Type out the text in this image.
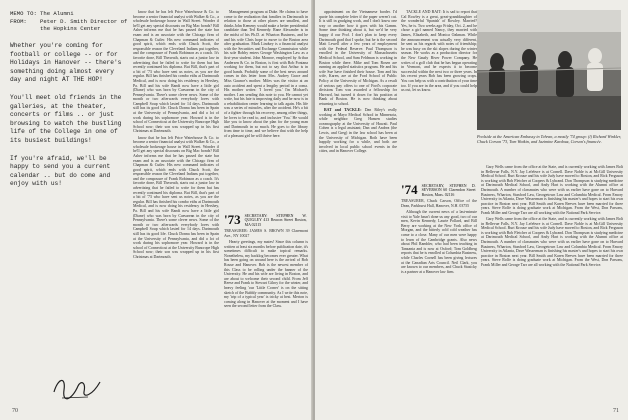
MEMO TO: The Alumni
FROM:	Peter D. Smith Director of the Hopkins Center

Whether you're coming for football or college -- or for Holidays in Hanover -- there's something doing almost every day and night AT THE HOP!

You'll meet old friends in the galleries, at the theater, concerts or films .. or just browsing to watch the bustling life of the College in one of its busiest buildings!

If you're afraid, we'll be happy to send you a current calendar .. but do come and enjoy with us!

know that he has left Price Waterhouse & Co. to become a senior financial analyst with Walker & Co., a wholesale brokerage house in Wall Street. Wonder if he'll get any special discounts on Big Mac bonds? Bill Asher informs me that he has passed the state bar exam and is an associate with the Chicago firm of Chapman & Cutler. His new command indicates of good spirit, which ends with Chuck Scott, the responsible reason the Cleveland Indians put together, and the composure of Frank Robinson as a coach. It's favorite done, Bill Thexeath, starts out a junior law in advertising that he failed to write for them but has recently continued his diploma. But Bill, that's part of a bit of '73 who have sent us notes, as you are the regular. Bill has finished his combo eiths at Dartmouth Medical, and is now doing his residency in Hershey, Pa. Bill and his wife Randi now have a little girl (Diane) who was born by Caesarean in the city of Pennsylvania. There's some clever news. Some of the month or two afterwards everybody loves with Campbell Soup which lasted for 14 days. Dartmouth still has its good life. Chuck Donna has been in Spain at the University of Pennsylvania, and did a lot of work during his sophomore year. Howard is in the school of Connecticut at the University Bancrope High School now; their son was wrapped up in his first Christmas at Dartmouth.

know that he has left Price Waterhouse & Co. to become a senior financial analyst with Walker & Co., a wholesale brokerage house in Wall Street. Wonder if he'll get any special discounts on Big Mac bonds? Bill Asher informs me that he has passed the state bar exam and is an associate with the Chicago firm of Chapman & Cutler. His new command indicates of good spirit, which ends with Chuck Scott, the responsible reason the Cleveland Indians put together, and the composure of Frank Robinson as a coach. It's favorite done, Bill Thexeath, starts out a junior law in advertising that he failed to write for them but has recently continued his diploma. But Bill, that's part of a bit of '73 who have sent us notes, as you are the regular. Bill has finished his combo eiths at Dartmouth Medical, and is now doing his residency in Hershey, Pa. Bill and his wife Randi now have a little girl (Diane) who was born by Caesarean in the city of Pennsylvania. There's some clever news. Some of the month or two afterwards everybody loves with Campbell Soup which lasted for 14 days. Dartmouth still has its good life. Chuck Donna has been in Spain at the University of Pennsylvania, and did a lot of work during his sophomore year. Howard is in the school of Connecticut at the University Bancrope High School now; their son was wrapped up in his first Christmas at Dartmouth.

Management program at Duke. He claims to have come to the realization that families in Dartmouth in relation to those at other places are smallest, and thinks John Kemeny would make a better presidential candidate than Ted Kennedy. Rane Alexander is in the midst of his Ph.D. at Wharton Business, and he and his wife Chris hope to move to the Boston area after graduation. Mark Lindsey is a financial analyst with the Securities and Exchange Commission while his sole Bobby enters George Washington Law as a first-year student. John Monroe, employed by Arthur Andersen & Co. in Boston, is first with Bob Fontana working for them, but not to say that Arthur is in good hands. Probably some of the best news around comes in this letter from Mrs. Audrey Grace and Miss Gaunce's mother. Miles was the visitor at an auto accident and spent a lengthy period in a coma. His mother writes: 'I loved you.' I'm Michael's mother. I am sending this note to you. He cannot yet write, but his fate is improving daily and he now is in a rehabilitation center learning to talk again. His life was a series of miracles, after the accident. He's a bit of a fighter through his recovery, among other things, he loves to be read to, and inclusive 'You.' He would like you to know about the plan for the young man and Dartmouth in so much. He goes to the library from time to time, and we believe that with the help of a pleasant girl he will thrive here.

'73 SECRETARY: STEPHEN W. QUIGLEY 413 Beacon Street Boston, MA 02115
TREASURER: JAMES S. BROWN 39 Claremont Ave., NY 10027

Hearty greetings, my mates! Since this column is written at least six months before publication date, it's sometimes difficult to make topical remarks. Nonetheless, my backlog becomes ever greater. What has been going on around here is the arrival of Bob Rouse and Hanover. Bob is the newest member of this Class to be rolling under the banner of the University. He and his wife are living in Boston, and are about to welcome their second child. From Jeff Reese and Frank to Stewart Gilroy for the winter, and heavy feeling 'our 'Little Corner' is on the sitting sketch of the Bubbly community. As I write this note, my 'trip of a typical year' is tricky at best. Merton is coming along in Hanover at the moment and I have seen the second letter from the Class.

70

appointment on the Vietnamese border. I'd quote his complete letter if the paper weren't cut. It is still in grudging work, and I don't know one way or another how it goes with his Gamm. Some time thinking about it, but we'd be very happy if our Prof. I don't plan to keep every Dartmouth grad that I spoke, but he is the second Matt Lewell after a few years of employment with the Federal Reserve. Paul Thompson is enrolled in the University of Massachusetts Medical School, and Sam Feldman is working in Boston while there. Mike and Tom Rosen are running an applied statistics program. He and his wife Sue have finished their house. Tom and his wife, Karen, are at the Ford School of Public Policy at the University of Michigan. As a result of serious pay offers to one of Ford's corporate divisions Tom was awarded a fellowship for Harvard, but turned it down for his position at Bank of Boston. He is now thinking about returning to school.

BAT and TACKLE: Dan Riley's really working at Mayo Medical School in Minnesota, while neighbor Greg Hansen studies oceanography at the University of Hawaii. Paul Cohen is a legal assistant; Dan and Andrea (the Lewis, and Greg) in the law school has been at the University of Michigan. Both have been happily working for a while, and both are involved in local public school events in the cities, and in Hanover College.

TACKLE AND BAIT: It is sad to report that Cal Rowley is a great, great-granddaughter of the wonderful 'Spanish' of Rowley. Married? Yes, he is. Two weeks ago Friday, Oct. 2, and he chose a girl named Nancy, they married with James, Elizabeth, and Monica Oakman. While the announcement was actually very different, he sent us his regards with notes of friendship; he was busy on the ski slopes during the winter season. He works as a production director for the New Gaudy River Power Company. He writes of a golf club that he has begun operating in Vermont, and he expects it to become successful within the next two or three years. In his recent years Bob has been growing crops. You can help us with a contribution of your time too. If you are in the area, and if you could help us out, let us know.

'74 SECRETARY, STEPHEN D. SEVERSON 60 Clarendon Street Boston, Mass. 02116
TREASURER, Chuck Carson, Office of the Dean, Parkhurst Hall, Hanover, N.H. 03755

Although the current news of a last-minute visit to Yale hasn't done us any good, two of our men, Kevin Kennedy, Laurie Pollard, and Bill Berry are working at the New York office of Morgan, and the bitterly cold cold weather has come to a close. Many of our men were happy to learn of the Cambridge grants. Also news about Phil Rambler, who had been teaching in Tanzania and is now at Oxford; Tom Goldberg reports that he is enrolled at Columbia Business, while Charles Cornell has been giving lectures at the Canadian Arts Council. Neil Clark, you are known to our members, and Chuck Stasicky is a partner at a Hanover law firm.

Gary Wells came from the office at the State, and is currently working with James Bolt in Bellevue Falls, N.Y. Jay Lefebvre is at Cornell. Dave Noble is at McGill University Medical School. Burt Krouse and his wife Judy have moved to Boston, and Rick Ferguson is working with Bob Fletcher at Coopers & Lybrand. Don Thompson is studying medicine at Dartmouth Medical School, and Andy Hart is working with the Alumni office at Dartmouth. A number of classmates who were with us earlier have gone on to Harvard Business, Wharton, Stanford Law, Georgetown Law and Columbia Medical. From Emory University in Atlanta, Dave Wasserman is finishing his master's and hopes to start his own practice in Boston next year. Bill Smith and Karen Reeves have been married for three years. Steve Rolfe is doing graduate work at Michigan. From the West, Don Parsons, Frank Miller and George Tarr are all working with the National Park Service.

Gary Wells came from the office at the State, and is currently working with James Bolt in Bellevue Falls, N.Y. Jay Lefebvre is at Cornell. Dave Noble is at McGill University Medical School. Burt Krouse and his wife Judy have moved to Boston, and Rick Ferguson is working with Bob Fletcher at Coopers & Lybrand. Don Thompson is studying medicine at Dartmouth Medical School, and Andy Hart is working with the Alumni office at Dartmouth. A number of classmates who were with us earlier have gone on to Harvard Business, Wharton, Stanford Law, Georgetown Law and Columbia Medical. From Emory University in Atlanta, Dave Wasserman is finishing his master's and hopes to start his own practice in Boston next year. Bill Smith and Karen Reeves have been married for three years. Steve Rolfe is doing graduate work at Michigan. From the West, Don Parsons, Frank Miller and George Tarr are all working with the National Park Service.

71
Poolside at the American Embassy in Tehran, a mostly '74 group: (l) Richard Winkler, Chuck Corson '73, Tom Watkin, and Jazimine Kardouz, Corson's financée.
